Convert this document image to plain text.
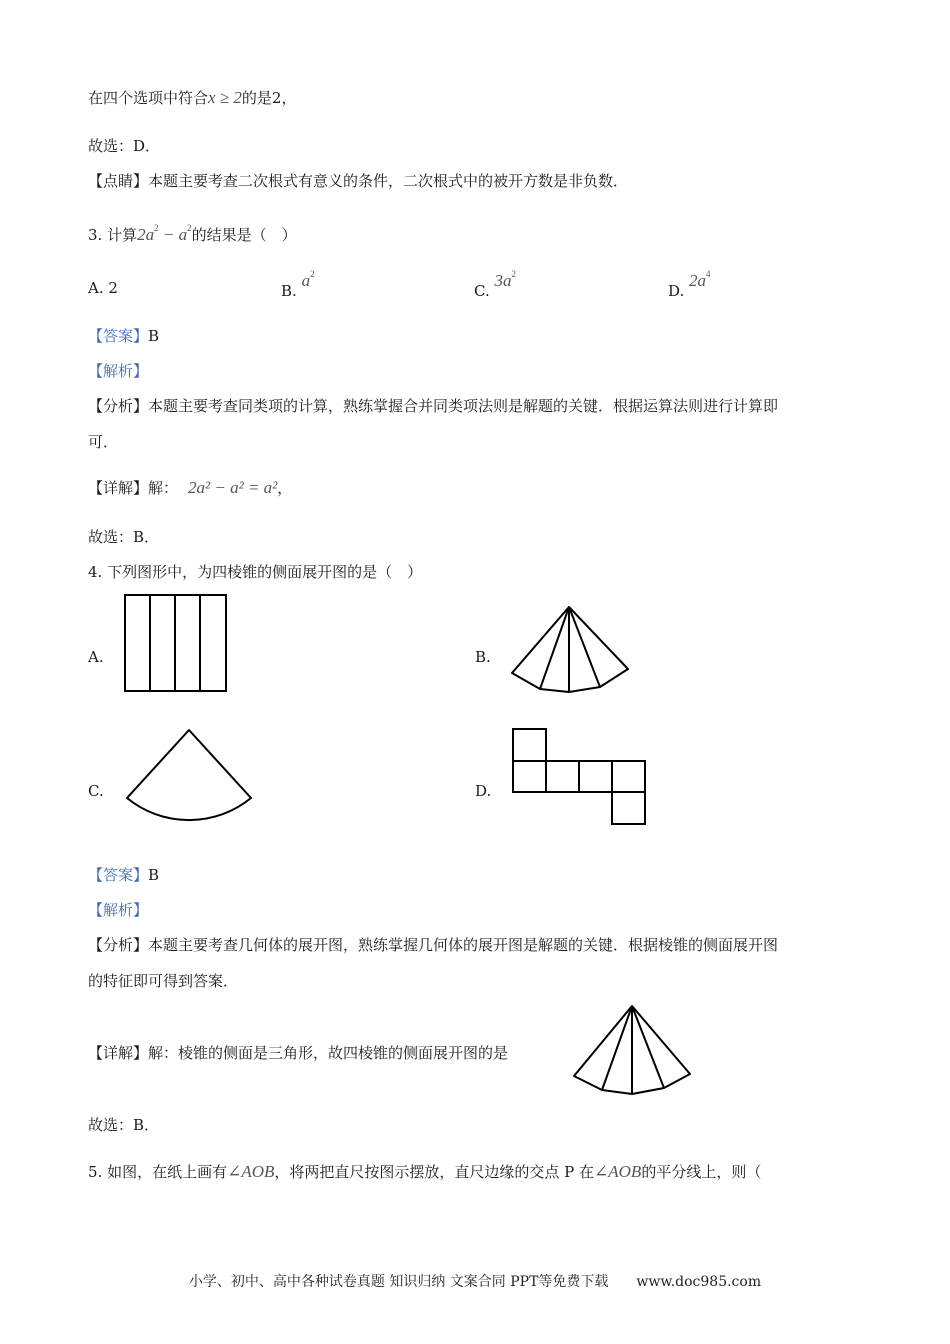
在四个选项中符合x ≥ 2的是2，
故选：D．
【点睛】本题主要考查二次根式有意义的条件，二次根式中的被开方数是非负数．
3. 计算$2a^2 - a^2$的结果是（　）
A. 2	B. $a^2$
C. $3a^2$
D. $2a^4$
【答案】B
【解析】
【分析】本题主要考查同类项的计算，熟练掌握合并同类项法则是解题的关键．根据运算法则进行计算即
可．
【详解】解： 2a² − a² = a²，
故选：B．
4. 下列图形中，为四棱锥的侧面展开图的是（　）
A.	B.
C.	D.
【答案】B
【解析】
【分析】本题主要考查几何体的展开图，熟练掌握几何体的展开图是解题的关键．根据棱锥的侧面展开图
的特征即可得到答案．
【详解】解：棱锥的侧面是三角形，故四棱锥的侧面展开图的是
故选：B．
5. 如图，在纸上画有∠AOB，将两把直尺按图示摆放，直尺边缘的交点 P 在∠AOB的平分线上，则（
小学、初中、高中各种试卷真题 知识归纳 文案合同 PPT等免费下载　　www.doc985.com
